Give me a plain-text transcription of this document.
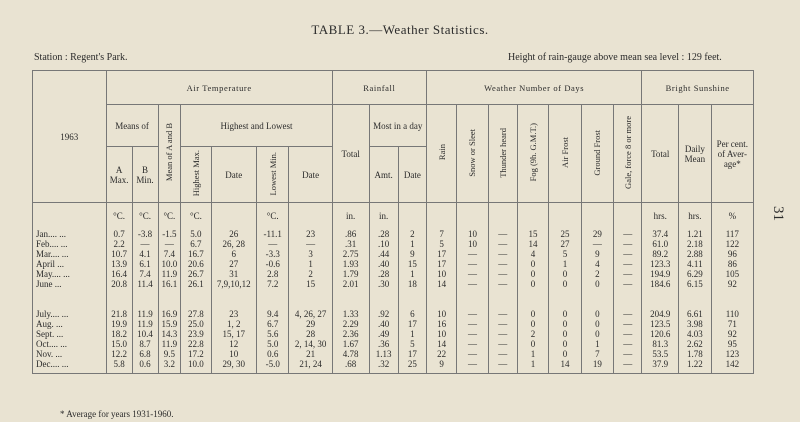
TABLE 3.—Weather Statistics.
Station : Regent's Park.	Height of rain-gauge above mean sea level : 129 feet.
31
1963	Air Temperature							Rainfall			Weather Number of Days							Bright Sunshine		
	Means of		Mean of A and B	Highest and Lowest				Total	Most in a day		Rain	Snow or Sleet	Thunder heard	Fog (9h. G.M.T.)	Air Frost	Ground Frost	Gale, force 8 or more	Total	Daily Mean	Per cent. of Aver- age*
	A Max.	B Min.		Highest Max.	Date	Lowest Min.	Date		Amt.	Date										
	°C.	°C.	°C.	°C.		°C.		in.	in.									hrs.	hrs.	%
Jan.... ...	0.7	-3.8	-1.5	5.0	26	-11.1	23	.86	.28	2	7	10	—	15	25	29	—	37.4	1.21	117
Feb.... ...	2.2	—	—	6.7	26, 28	—	—	.31	.10	1	5	10	—	14	27	—	—	61.0	2.18	122
Mar.... ...	10.7	4.1	7.4	16.7	6	-3.3	3	2.75	.44	9	17	—	—	4	5	9	—	89.2	2.88	96
April ...	13.9	6.1	10.0	20.6	27	-0.6	1	1.93	.40	15	17	—	—	0	1	4	—	123.3	4.11	86
May.... ...	16.4	7.4	11.9	26.7	31	2.8	2	1.79	.28	1	10	—	—	0	0	2	—	194.9	6.29	105
June ...	20.8	11.4	16.1	26.1	7,9,10,12	7.2	15	2.01	.30	18	14	—	—	0	0	0	—	184.6	6.15	92

July.... ...	21.8	11.9	16.9	27.8	23	9.4	4, 26, 27	1.33	.92	6	10	—	—	0	0	0	—	204.9	6.61	110
Aug. ...	19.9	11.9	15.9	25.0	1, 2	6.7	29	2.29	.40	17	16	—	—	0	0	0	—	123.5	3.98	71
Sept. ...	18.2	10.4	14.3	23.9	15, 17	5.6	28	2.36	.49	1	10	—	—	2	0	0	—	120.6	4.03	92
Oct.... ...	15.0	8.7	11.9	22.8	12	5.0	2, 14, 30	1.67	.36	5	14	—	—	0	0	1	—	81.3	2.62	95
Nov. ...	12.2	6.8	9.5	17.2	10	0.6	21	4.78	1.13	17	22	—	—	1	0	7	—	53.5	1.78	123
Dec.... ...	5.8	0.6	3.2	10.0	29, 30	-5.0	21, 24	.68	.32	25	9	—	—	1	14	19	—	37.9	1.22	142

* Average for years 1931-1960.
